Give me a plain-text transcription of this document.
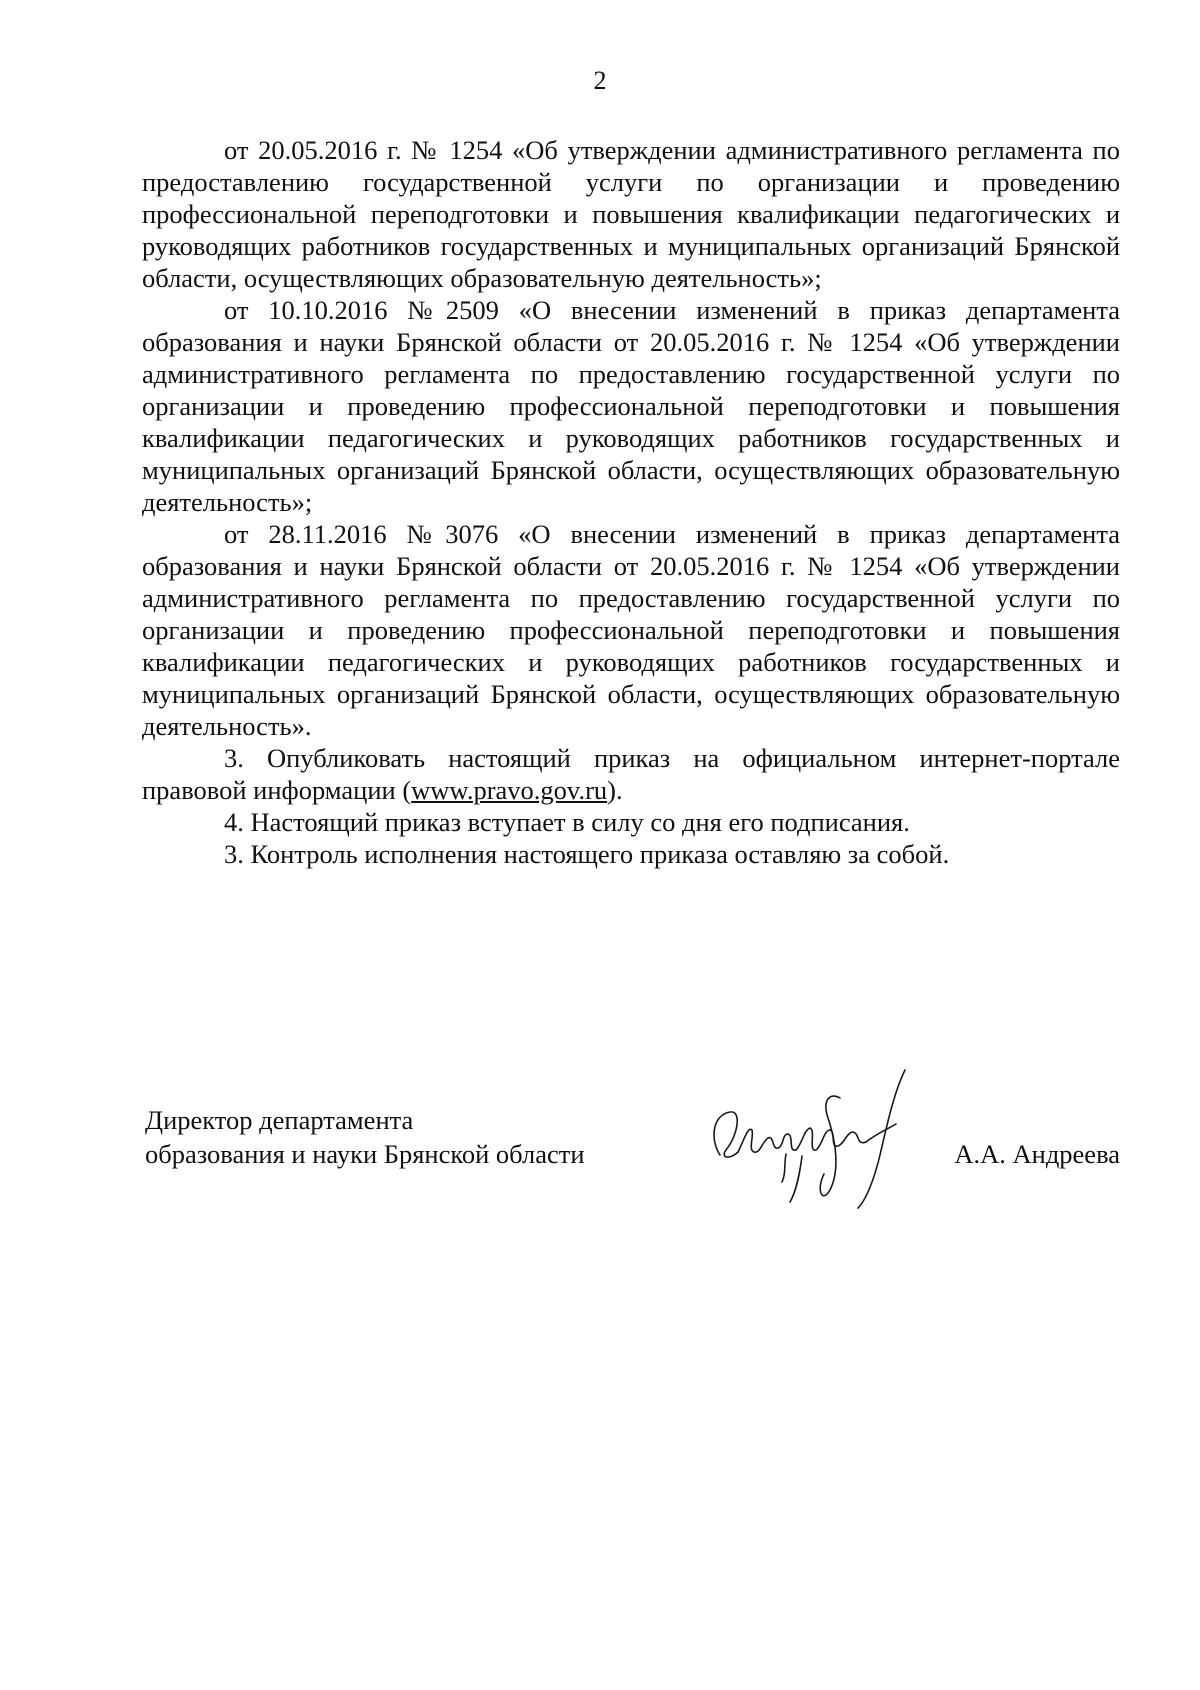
2

от 20.05.2016 г. № 1254 «Об утверждении административного регламента по предоставлению государственной услуги по организации и проведению профессиональной переподготовки и повышения квалификации педагогических и руководящих работников государственных и муниципальных организаций Брянской области, осуществляющих образовательную деятельность»;

от 10.10.2016 №2509 «О внесении изменений в приказ департамента образования и науки Брянской области от 20.05.2016 г. № 1254 «Об утверждении административного регламента по предоставлению государственной услуги по организации и проведению профессиональной переподготовки и повышения квалификации педагогических и руководящих работников государственных и муниципальных организаций Брянской области, осуществляющих образовательную деятельность»;

от 28.11.2016 №3076 «О внесении изменений в приказ департамента образования и науки Брянской области от 20.05.2016 г. № 1254 «Об утверждении административного регламента по предоставлению государственной услуги по организации и проведению профессиональной переподготовки и повышения квалификации педагогических и руководящих работников государственных и муниципальных организаций Брянской области, осуществляющих образовательную деятельность».

3. Опубликовать настоящий приказ на официальном интернет-портале правовой информации (www.pravo.gov.ru).

4. Настоящий приказ вступает в силу со дня его подписания.

3. Контроль исполнения настоящего приказа оставляю за собой.

Директор департамента
образования и науки Брянской области	А.А. Андреева
